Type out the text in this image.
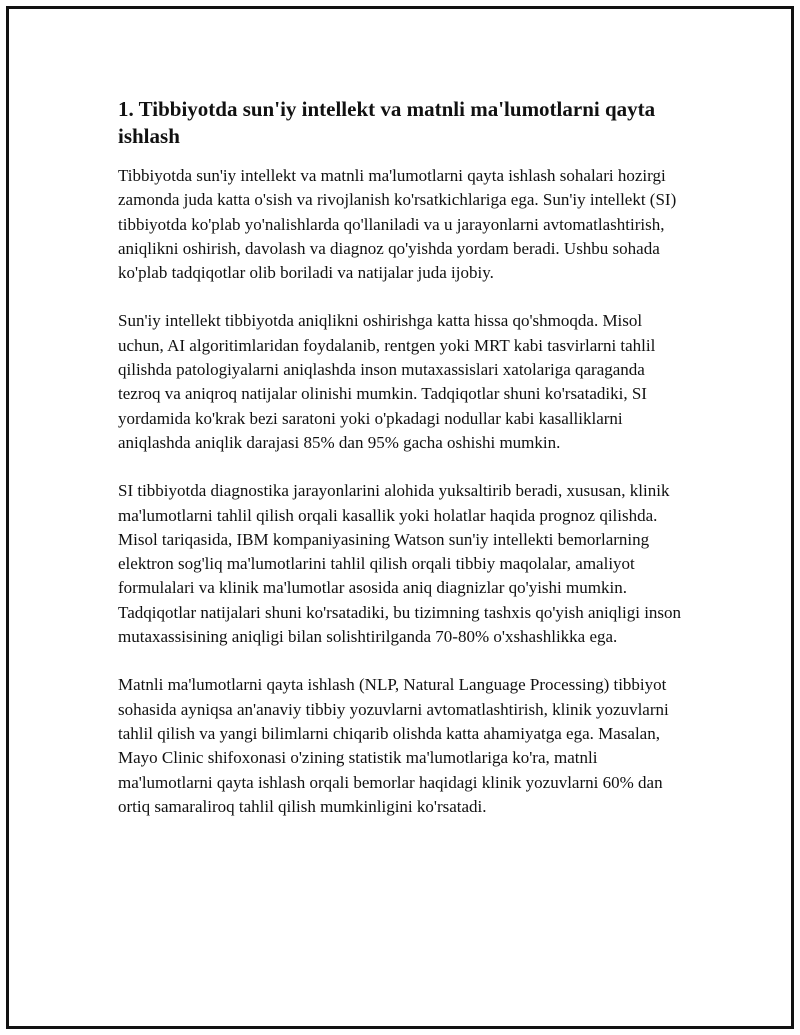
1. Tibbiyotda sun'iy intellekt va matnli ma'lumotlarni qayta ishlash

Tibbiyotda sun'iy intellekt va matnli ma'lumotlarni qayta ishlash sohalari hozirgi zamonda juda katta o'sish va rivojlanish ko'rsatkichlariga ega. Sun'iy intellekt (SI) tibbiyotda ko'plab yo'nalishlarda qo'llaniladi va u jarayonlarni avtomatlashtirish, aniqlikni oshirish, davolash va diagnoz qo'yishda yordam beradi. Ushbu sohada ko'plab tadqiqotlar olib boriladi va natijalar juda ijobiy.

Sun'iy intellekt tibbiyotda aniqlikni oshirishga katta hissa qo'shmoqda. Misol uchun, AI algoritimlaridan foydalanib, rentgen yoki MRT kabi tasvirlarni tahlil qilishda patologiyalarni aniqlashda inson mutaxassislari xatolariga qaraganda tezroq va aniqroq natijalar olinishi mumkin. Tadqiqotlar shuni ko'rsatadiki, SI yordamida ko'krak bezi saratoni yoki o'pkadagi nodullar kabi kasalliklarni aniqlashda aniqlik darajasi 85% dan 95% gacha oshishi mumkin.

SI tibbiyotda diagnostika jarayonlarini alohida yuksaltirib beradi, xususan, klinik ma'lumotlarni tahlil qilish orqali kasallik yoki holatlar haqida prognoz qilishda. Misol tariqasida, IBM kompaniyasining Watson sun'iy intellekti bemorlarning elektron sog'liq ma'lumotlarini tahlil qilish orqali tibbiy maqolalar, amaliyot formulalari va klinik ma'lumotlar asosida aniq diagnizlar qo'yishi mumkin. Tadqiqotlar natijalari shuni ko'rsatadiki, bu tizimning tashxis qo'yish aniqligi inson mutaxassisining aniqligi bilan solishtirilganda 70-80% o'xshashlikka ega.

Matnli ma'lumotlarni qayta ishlash (NLP, Natural Language Processing) tibbiyot sohasida ayniqsa an'anaviy tibbiy yozuvlarni avtomatlashtirish, klinik yozuvlarni tahlil qilish va yangi bilimlarni chiqarib olishda katta ahamiyatga ega. Masalan, Mayo Clinic shifoxonasi o'zining statistik ma'lumotlariga ko'ra, matnli ma'lumotlarni qayta ishlash orqali bemorlar haqidagi klinik yozuvlarni 60% dan ortiq samaraliroq tahlil qilish mumkinligini ko'rsatadi.
